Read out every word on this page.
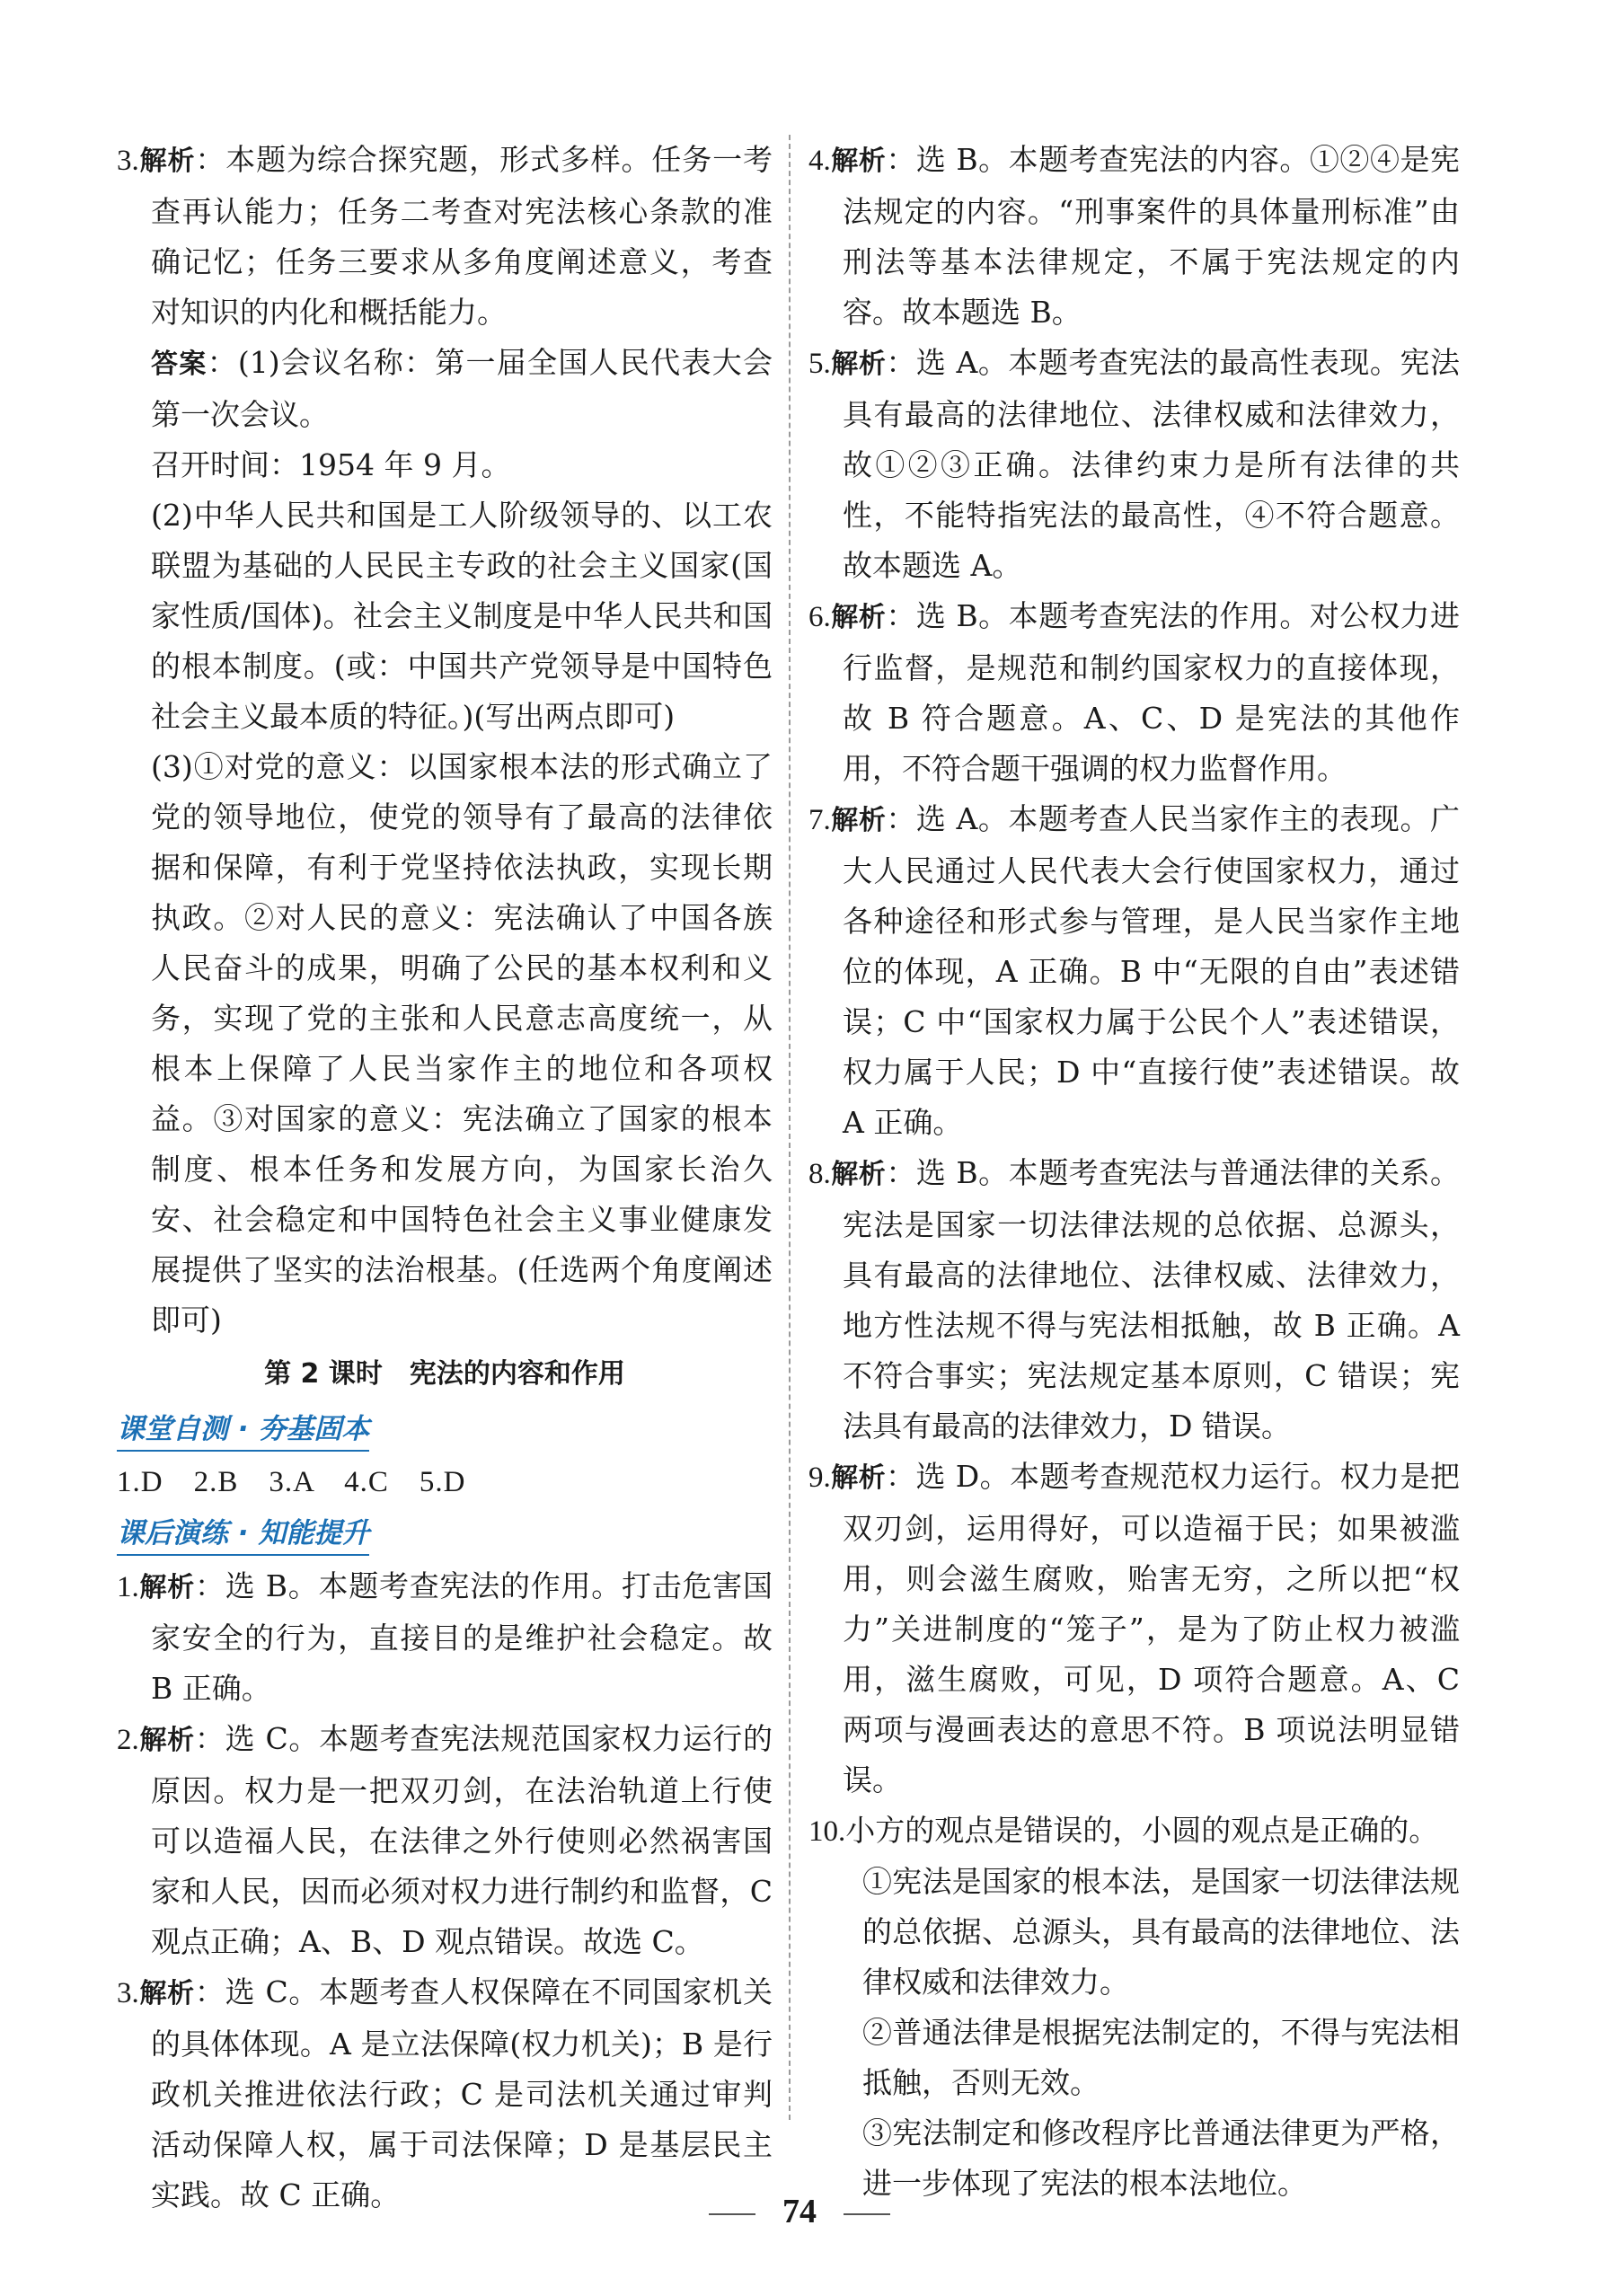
3.解析：本题为综合探究题，形式多样。任务一考查再认能力；任务二考查对宪法核心条款的准确记忆；任务三要求从多角度阐述意义，考查对知识的内化和概括能力。

答案：(1)会议名称：第一届全国人民代表大会第一次会议。

召开时间：1954 年 9 月。

(2)中华人民共和国是工人阶级领导的、以工农联盟为基础的人民民主专政的社会主义国家(国家性质/国体)。社会主义制度是中华人民共和国的根本制度。(或：中国共产党领导是中国特色社会主义最本质的特征。)(写出两点即可)

(3)①对党的意义：以国家根本法的形式确立了党的领导地位，使党的领导有了最高的法律依据和保障，有利于党坚持依法执政，实现长期执政。②对人民的意义：宪法确认了中国各族人民奋斗的成果，明确了公民的基本权利和义务，实现了党的主张和人民意志高度统一，从根本上保障了人民当家作主的地位和各项权益。③对国家的意义：宪法确立了国家的根本制度、根本任务和发展方向，为国家长治久安、社会稳定和中国特色社会主义事业健康发展提供了坚实的法治根基。(任选两个角度阐述即可)

第 2 课时　宪法的内容和作用

课堂自测 · 夯基固本

1.D　2.B　3.A　4.C　5.D

课后演练 · 知能提升

1.解析：选 B。本题考查宪法的作用。打击危害国家安全的行为，直接目的是维护社会稳定。故 B 正确。

2.解析：选 C。本题考查宪法规范国家权力运行的原因。权力是一把双刃剑，在法治轨道上行使可以造福人民，在法律之外行使则必然祸害国家和人民，因而必须对权力进行制约和监督，C 观点正确；A、B、D 观点错误。故选 C。

3.解析：选 C。本题考查人权保障在不同国家机关的具体体现。A 是立法保障(权力机关)；B 是行政机关推进依法行政；C 是司法机关通过审判活动保障人权，属于司法保障；D 是基层民主实践。故 C 正确。

4.解析：选 B。本题考查宪法的内容。①②④是宪法规定的内容。“刑事案件的具体量刑标准”由刑法等基本法律规定，不属于宪法规定的内容。故本题选 B。

5.解析：选 A。本题考查宪法的最高性表现。宪法具有最高的法律地位、法律权威和法律效力，故①②③正确。法律约束力是所有法律的共性，不能特指宪法的最高性，④不符合题意。故本题选 A。

6.解析：选 B。本题考查宪法的作用。对公权力进行监督，是规范和制约国家权力的直接体现，故 B 符合题意。A、C、D 是宪法的其他作用，不符合题干强调的权力监督作用。

7.解析：选 A。本题考查人民当家作主的表现。广大人民通过人民代表大会行使国家权力，通过各种途径和形式参与管理，是人民当家作主地位的体现，A 正确。B 中“无限的自由”表述错误；C 中“国家权力属于公民个人”表述错误，权力属于人民；D 中“直接行使”表述错误。故 A 正确。

8.解析：选 B。本题考查宪法与普通法律的关系。宪法是国家一切法律法规的总依据、总源头，具有最高的法律地位、法律权威、法律效力，地方性法规不得与宪法相抵触，故 B 正确。A 不符合事实；宪法规定基本原则，C 错误；宪法具有最高的法律效力，D 错误。

9.解析：选 D。本题考查规范权力运行。权力是把双刃剑，运用得好，可以造福于民；如果被滥用，则会滋生腐败，贻害无穷，之所以把“权力”关进制度的“笼子”，是为了防止权力被滥用，滋生腐败，可见，D 项符合题意。A、C 两项与漫画表达的意思不符。B 项说法明显错误。

10.小方的观点是错误的，小圆的观点是正确的。

①宪法是国家的根本法，是国家一切法律法规的总依据、总源头，具有最高的法律地位、法律权威和法律效力。

②普通法律是根据宪法制定的，不得与宪法相抵触，否则无效。

③宪法制定和修改程序比普通法律更为严格，进一步体现了宪法的根本法地位。

74
